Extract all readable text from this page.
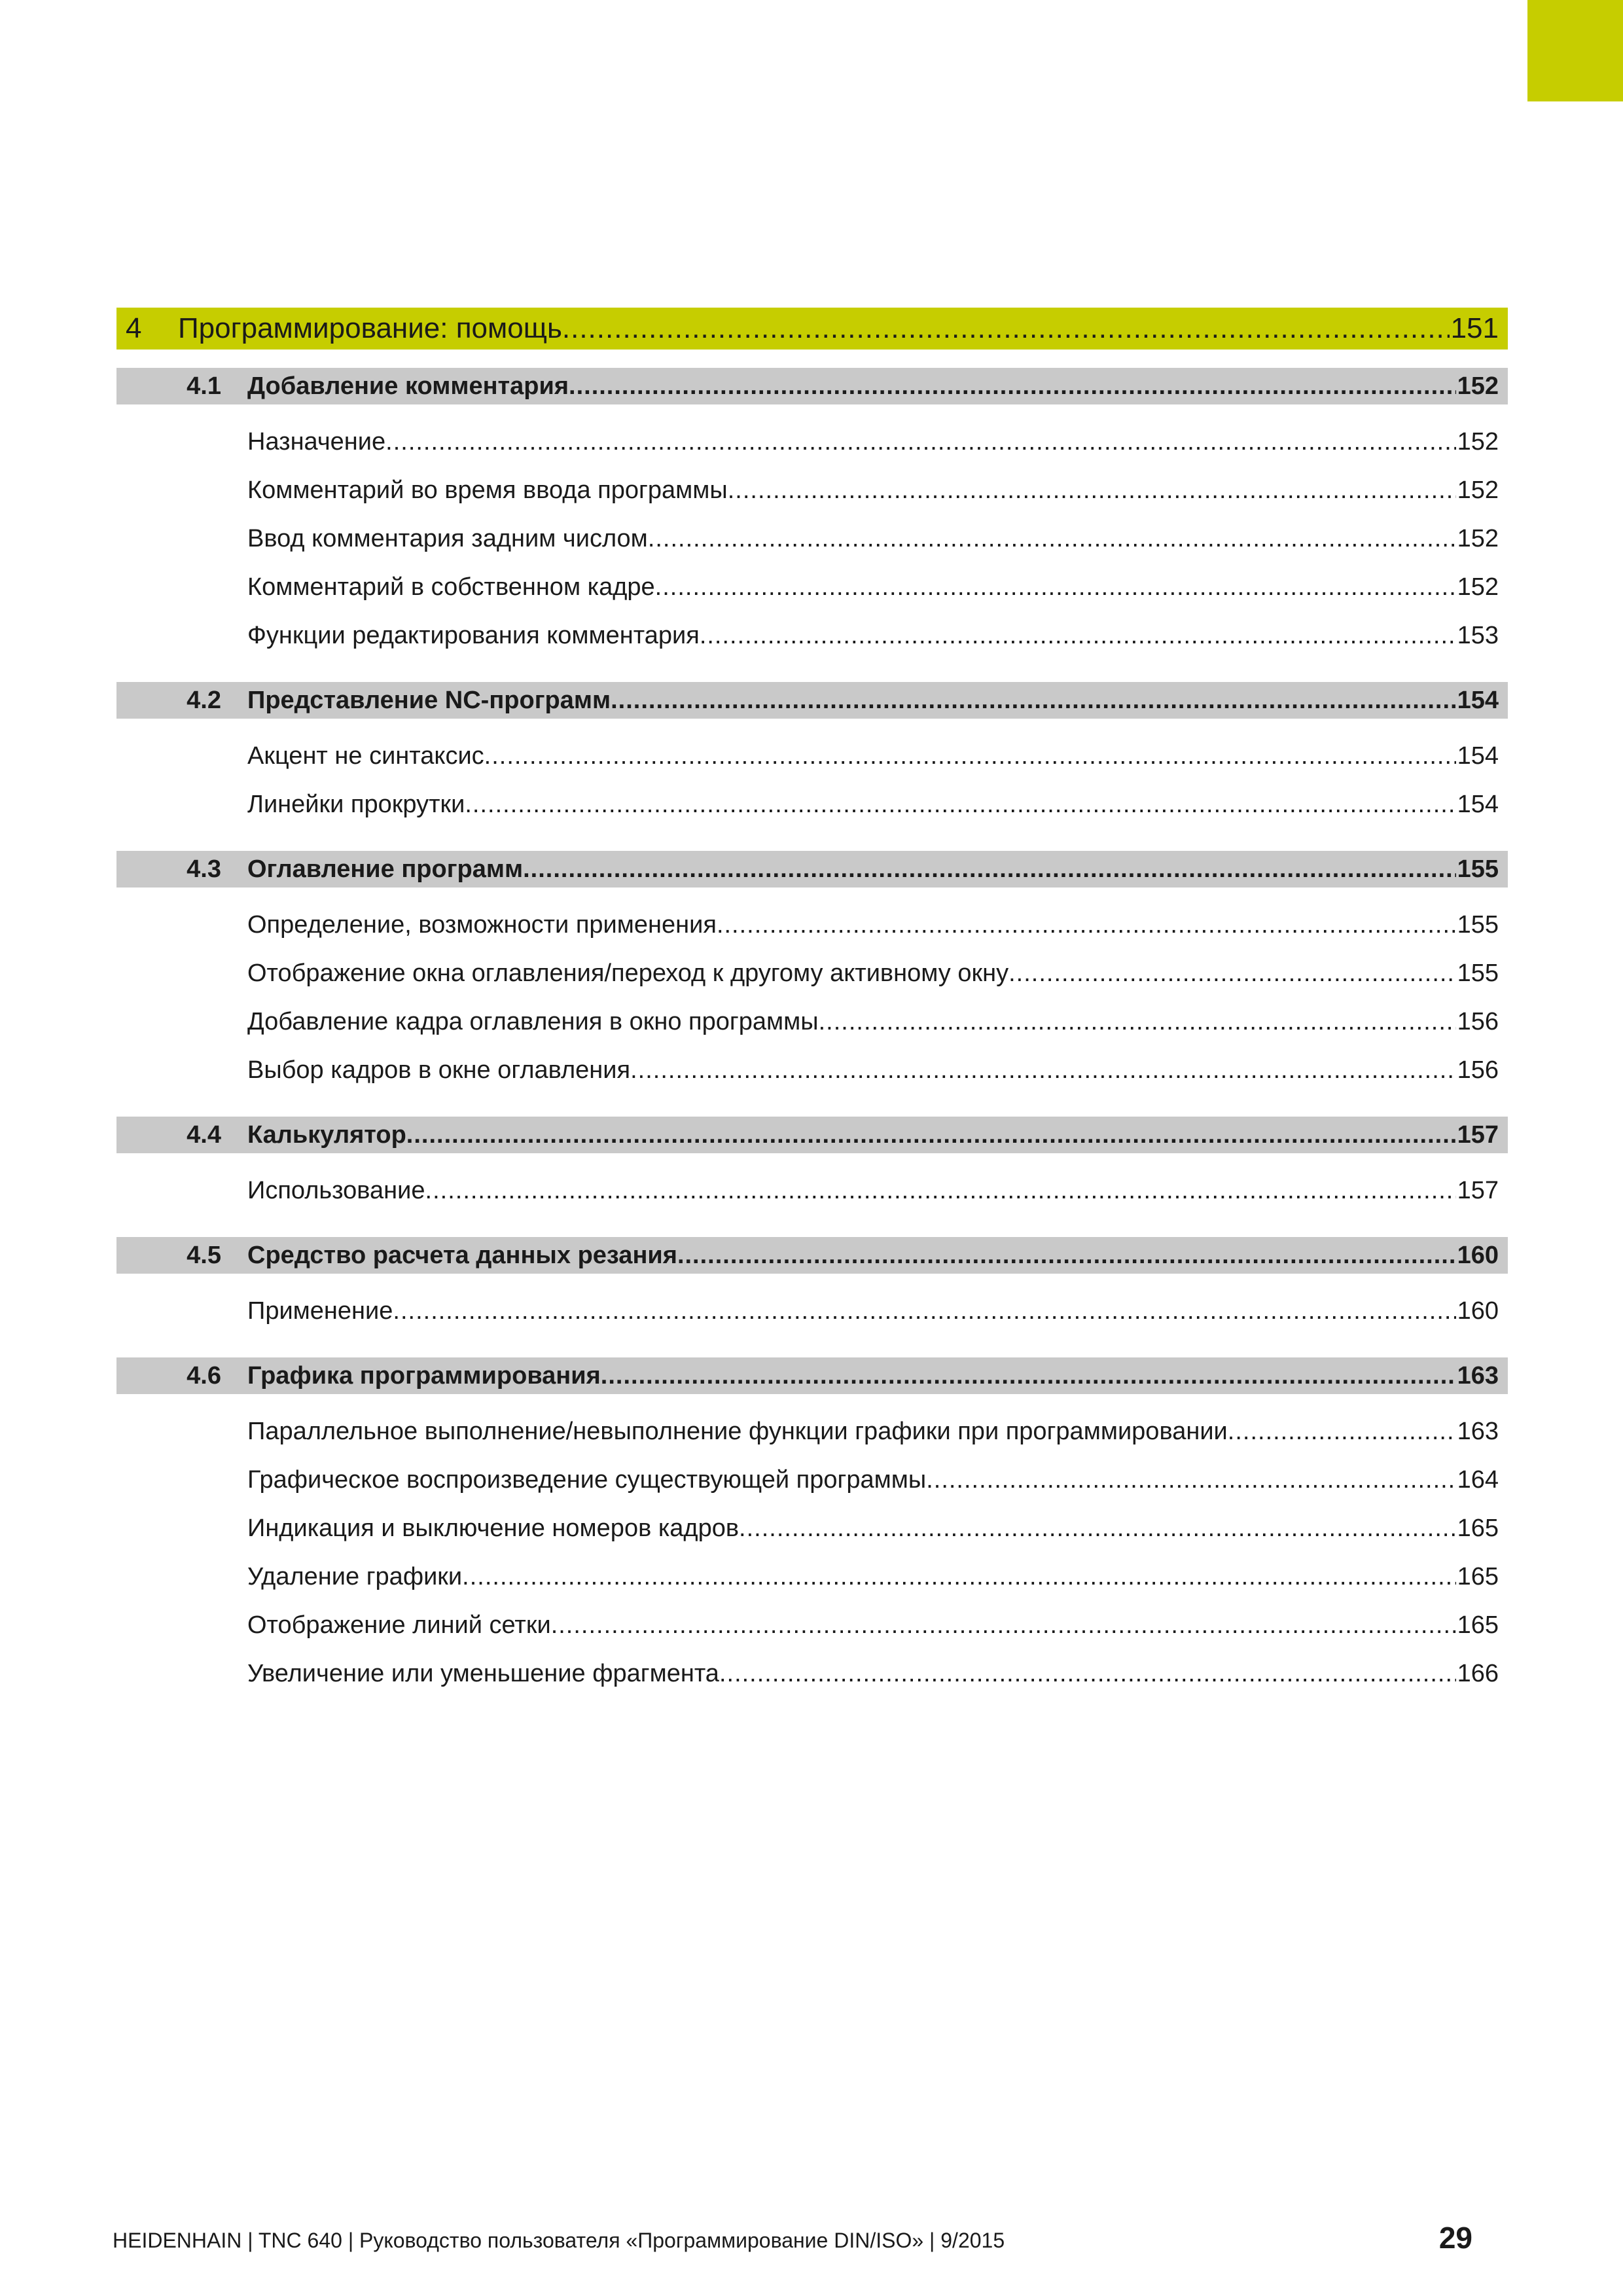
4	Программирование: помощь .....	151
4.1	Добавление комментария .....	152
Назначение .....	152
Комментарий во время ввода программы .....	152
Ввод комментария задним числом .....	152
Комментарий в собственном кадре .....	152
Функции редактирования комментария .....	153
4.2	Представление NC-программ .....	154
Акцент не синтаксис .....	154
Линейки прокрутки .....	154
4.3	Оглавление программ .....	155
Определение, возможности применения .....	155
Отображение окна оглавления/переход к другому активному окну .....	155
Добавление кадра оглавления в окно программы .....	156
Выбор кадров в окне оглавления .....	156
4.4	Калькулятор .....	157
Использование .....	157
4.5	Средство расчета данных резания .....	160
Применение .....	160
4.6	Графика программирования .....	163
Параллельное выполнение/невыполнение функции графики при программировании .....	163
Графическое воспроизведение существующей программы .....	164
Индикация и выключение номеров кадров .....	165
Удаление графики .....	165
Отображение линий сетки .....	165
Увеличение или уменьшение фрагмента .....	166
HEIDENHAIN | TNC 640 | Руководство пользователя «Программирование DIN/ISO» | 9/2015	29
